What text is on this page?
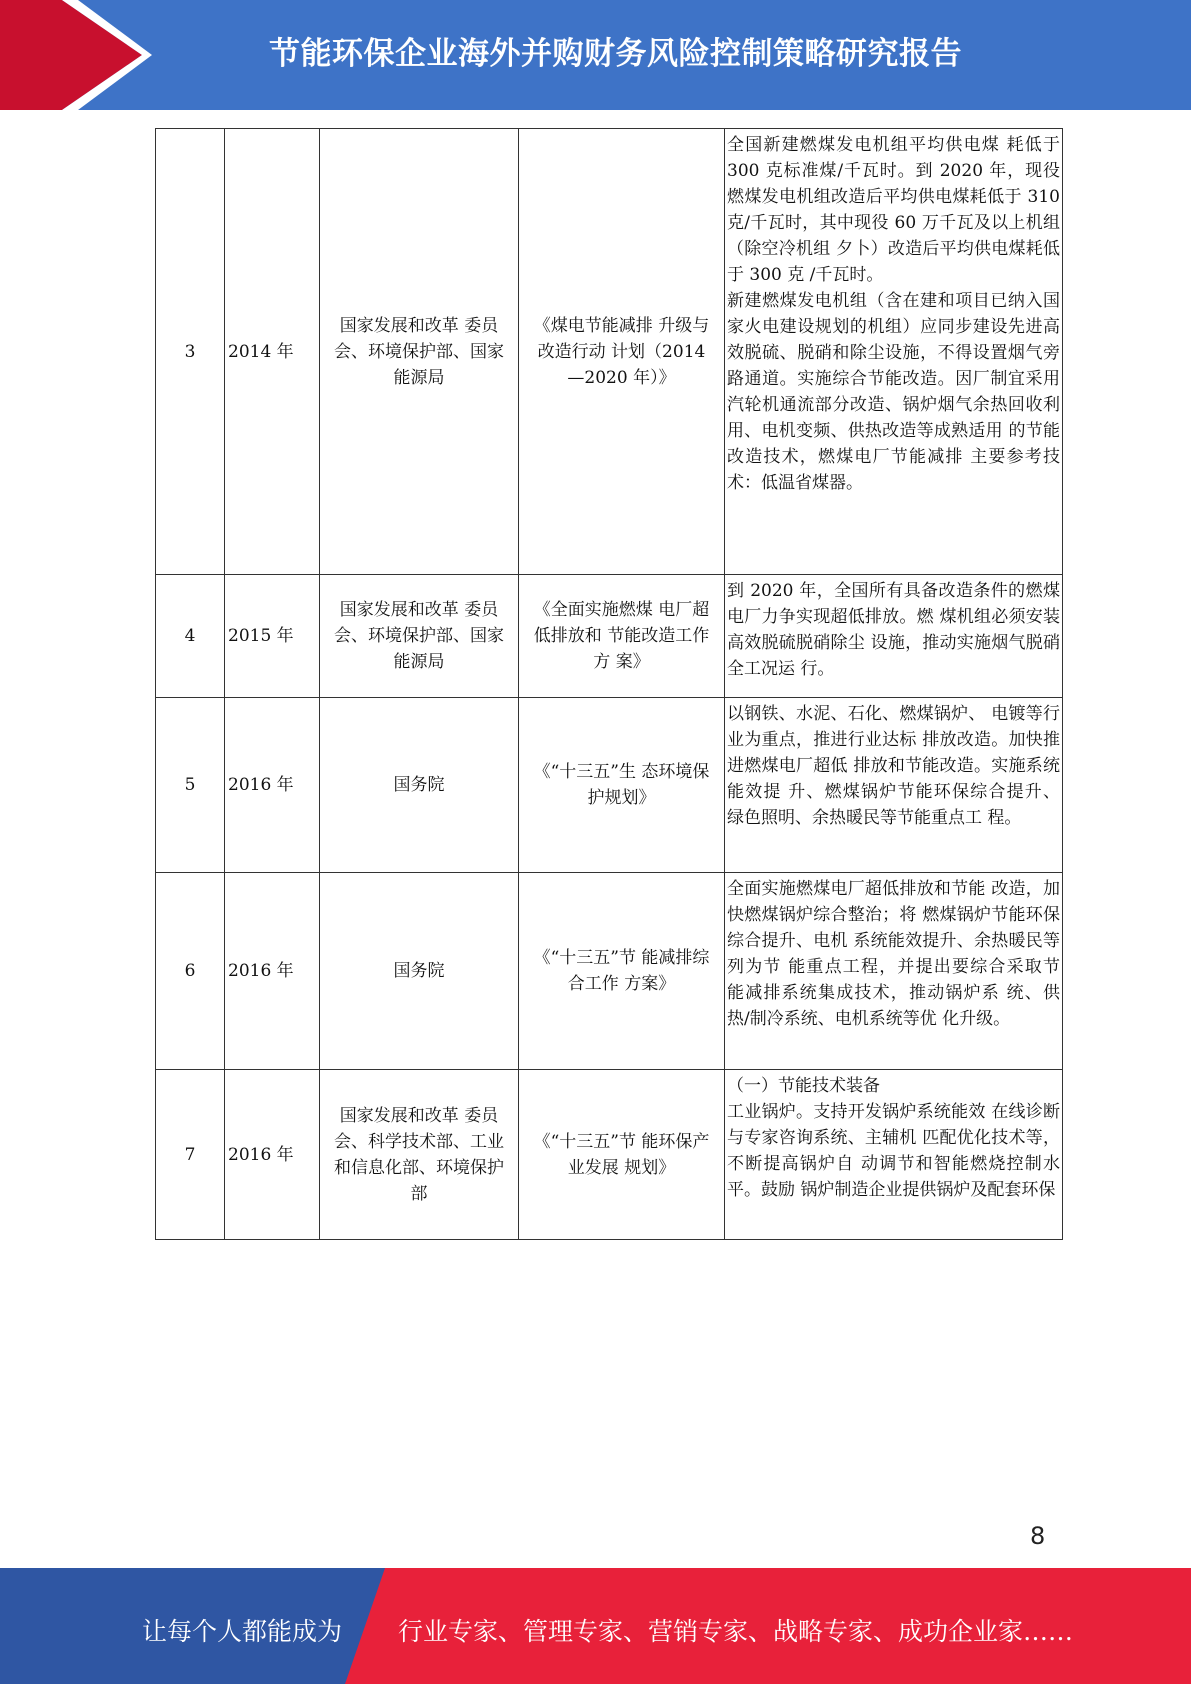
节能环保企业海外并购财务风险控制策略研究报告
3	2014 年	国家发展和改革 委员会、环境保护部、国家能源局	《煤电节能减排 升级与改造行动 计划（2014—2020 年）》	全国新建燃煤发电机组平均供电煤 耗低于 300 克标准煤/千瓦时。到 2020 年，现役燃煤发电机组改造后平均供电煤耗低于 310 克/千瓦时，其中现役 60 万千瓦及以上机组（除空冷机组 夕卜）改造后平均供电煤耗低于 300 克 /千瓦时。
新建燃煤发电机组（含在建和项目已纳入国家火电建设规划的机组）应同步建设先进高效脱硫、脱硝和除尘设施，不得设置烟气旁路通道。实施综合节能改造。因厂制宜采用汽轮机通流部分改造、锅炉烟气余热回收利 用、电机变频、供热改造等成熟适用 的节能改造技术，燃煤电厂节能减排 主要参考技术：低温省煤器。

4	2015 年	国家发展和改革 委员会、环境保护部、国家能源局	《全面实施燃煤 电厂超低排放和 节能改造工作方 案》	到 2020 年，全国所有具备改造条件的燃煤电厂力争实现超低排放。燃 煤机组必须安装高效脱硫脱硝除尘 设施，推动实施烟气脱硝全工况运 行。

5	2016 年	国务院	《“十三五”生 态环境保护规划》	以钢铁、水泥、石化、燃煤锅炉、 电镀等行业为重点，推进行业达标 排放改造。加快推进燃煤电厂超低 排放和节能改造。实施系统能效提 升、燃煤锅炉节能环保综合提升、 绿色照明、余热暖民等节能重点工 程。

6	2016 年	国务院	《“十三五”节 能减排综合工作 方案》	全面实施燃煤电厂超低排放和节能 改造，加快燃煤锅炉综合整治；将 燃煤锅炉节能环保综合提升、电机 系统能效提升、余热暖民等列为节 能重点工程，并提出要综合采取节 能减排系统集成技术，推动锅炉系 统、供热/制冷系统、电机系统等优 化升级。

7	2016 年	国家发展和改革 委员会、科学技术部、工业和信息化部、环境保护部	《“十三五”节 能环保产业发展 规划》	（一）节能技术装备
工业锅炉。支持开发锅炉系统能效 在线诊断与专家咨询系统、主辅机 匹配优化技术等，不断提高锅炉自 动调节和智能燃烧控制水平。鼓励 锅炉制造企业提供锅炉及配套环保
8
让每个人都能成为 行业专家、管理专家、营销专家、战略专家、成功企业家……
